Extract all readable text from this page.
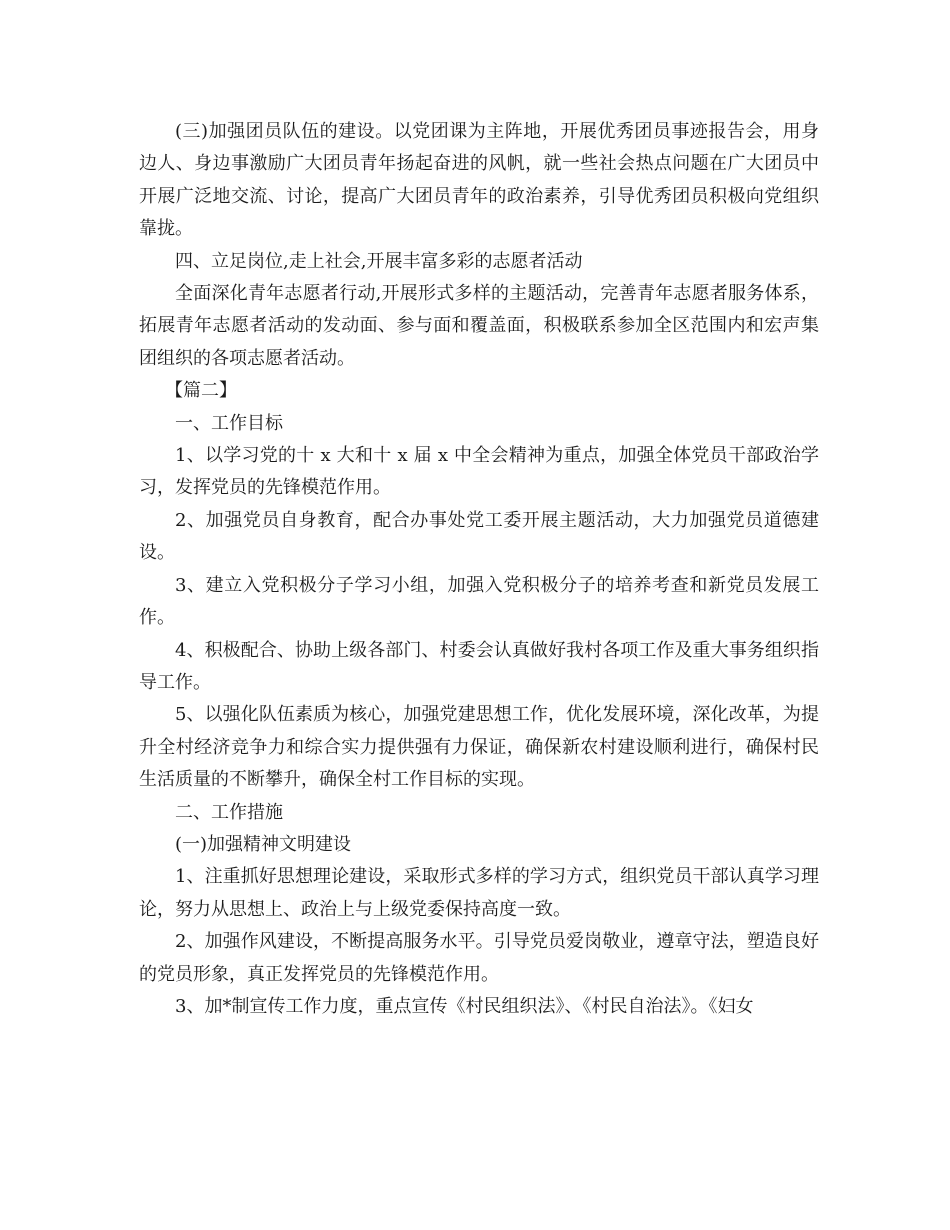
(三)加强团员队伍的建设。以党团课为主阵地，开展优秀团员事迹报告会，用身边人、身边事激励广大团员青年扬起奋进的风帆，就一些社会热点问题在广大团员中开展广泛地交流、讨论，提高广大团员青年的政治素养，引导优秀团员积极向党组织靠拢。

四、立足岗位,走上社会,开展丰富多彩的志愿者活动

全面深化青年志愿者行动,开展形式多样的主题活动，完善青年志愿者服务体系，拓展青年志愿者活动的发动面、参与面和覆盖面，积极联系参加全区范围内和宏声集团组织的各项志愿者活动。

【篇二】

一、工作目标

1、以学习党的十 x 大和十 x 届 x 中全会精神为重点，加强全体党员干部政治学习，发挥党员的先锋模范作用。

2、加强党员自身教育，配合办事处党工委开展主题活动，大力加强党员道德建设。

3、建立入党积极分子学习小组，加强入党积极分子的培养考查和新党员发展工作。

4、积极配合、协助上级各部门、村委会认真做好我村各项工作及重大事务组织指导工作。

5、以强化队伍素质为核心，加强党建思想工作，优化发展环境，深化改革，为提升全村经济竞争力和综合实力提供强有力保证，确保新农村建设顺利进行，确保村民生活质量的不断攀升，确保全村工作目标的实现。

二、工作措施

(一)加强精神文明建设

1、注重抓好思想理论建设，采取形式多样的学习方式，组织党员干部认真学习理论，努力从思想上、政治上与上级党委保持高度一致。

2、加强作风建设，不断提高服务水平。引导党员爱岗敬业，遵章守法，塑造良好的党员形象，真正发挥党员的先锋模范作用。

3、加*制宣传工作力度，重点宣传《村民组织法》、《村民自治法》。《妇女
